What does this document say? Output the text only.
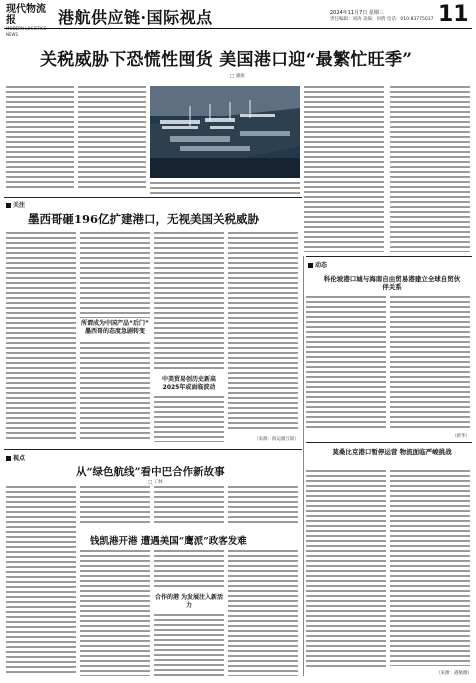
现代物流报
MODERN LOGISTICS NEWS
港航供应链·国际视点	2024年11月7日 星期三
责任编辑：刘涛 美编：何倩 电话：010-83775037 11
关税威胁下恐慌性囤货 美国港口迎“最繁忙旺季”
□ 潘旗
关注
墨西哥砸196亿扩建港口，无视美国关税威胁
所谓成为中国产品“后门” 墨西哥的态度急剧转变
中美贸易创历史新高 2025年或面临波动
（来源：海运圈互联）
动态
科伦坡港口城与海南自由贸易港建立全球自贸伙伴关系
（新华）
莫桑比克港口暂停运营 物流面临严峻挑战
（来源：港航圈）
视点
从“绿色航线”看中巴合作新故事
□ 丁林
钱凯港开港 遭遇美国“鹰派”政客发难
合作的港 为发展注入新活力
